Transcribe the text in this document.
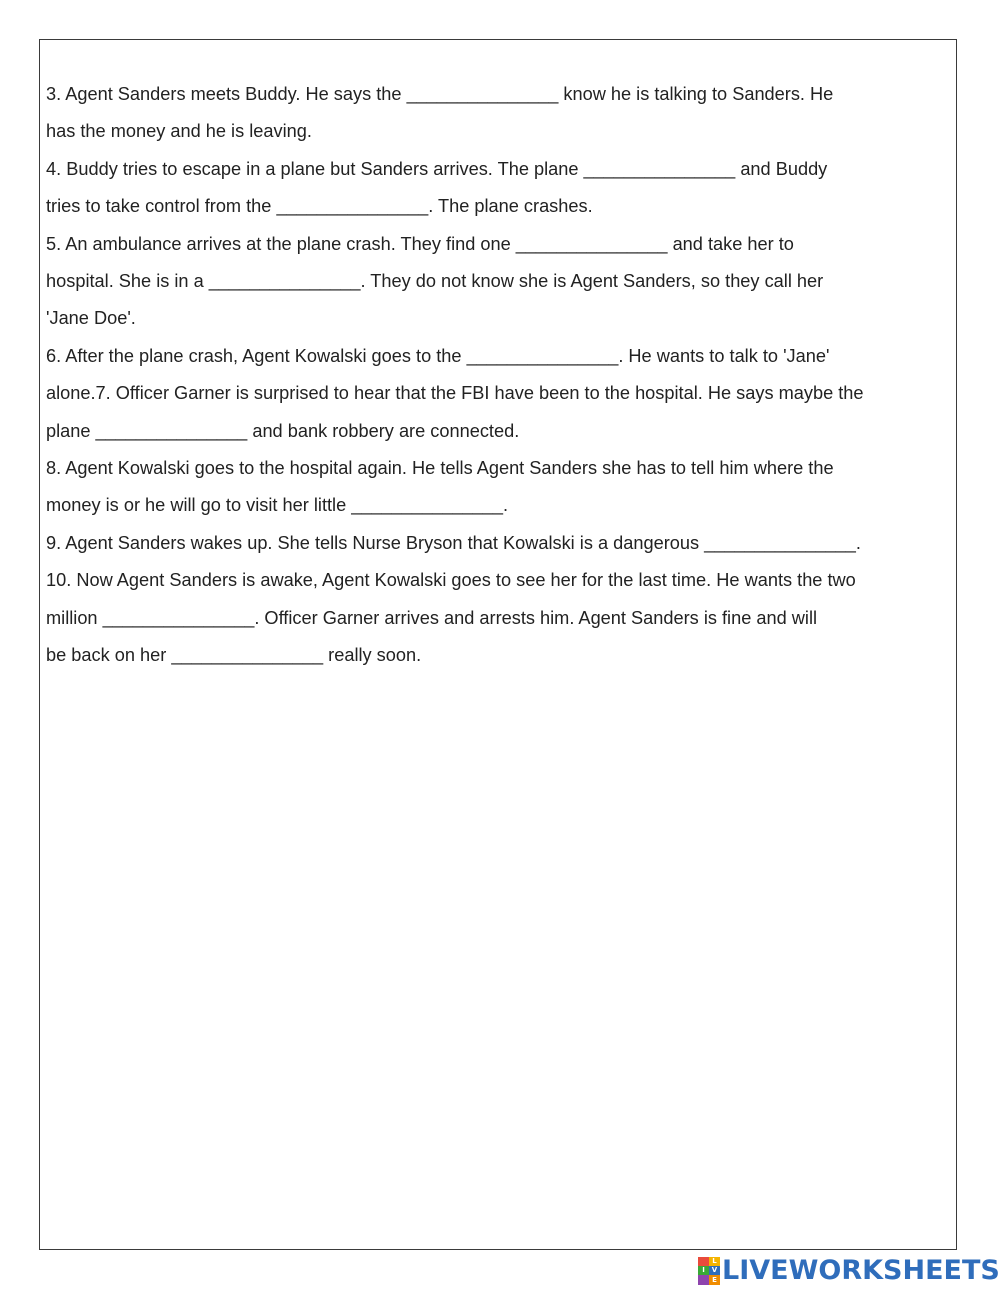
3. Agent Sanders meets Buddy. He says the _______________ know he is talking to Sanders. He
has the money and he is leaving.
4. Buddy tries to escape in a plane but Sanders arrives. The plane _______________ and Buddy
tries to take control from the _______________. The plane crashes.
5. An ambulance arrives at the plane crash. They find one _______________ and take her to
hospital. She is in a _______________. They do not know she is Agent Sanders, so they call her
'Jane Doe'.
6. After the plane crash, Agent Kowalski goes to the _______________. He wants to talk to 'Jane'
alone.7. Officer Garner is surprised to hear that the FBI have been to the hospital. He says maybe the
plane _______________ and bank robbery are connected.
8. Agent Kowalski goes to the hospital again. He tells Agent Sanders she has to tell him where the
money is or he will go to visit her little _______________.
9. Agent Sanders wakes up. She tells Nurse Bryson that Kowalski is a dangerous _______________.
10. Now Agent Sanders is awake, Agent Kowalski goes to see her for the last time. He wants the two
million _______________. Officer Garner arrives and arrests him. Agent Sanders is fine and will
be back on her _______________ really soon.
L
I V
E LIVEWORKSHEETS
